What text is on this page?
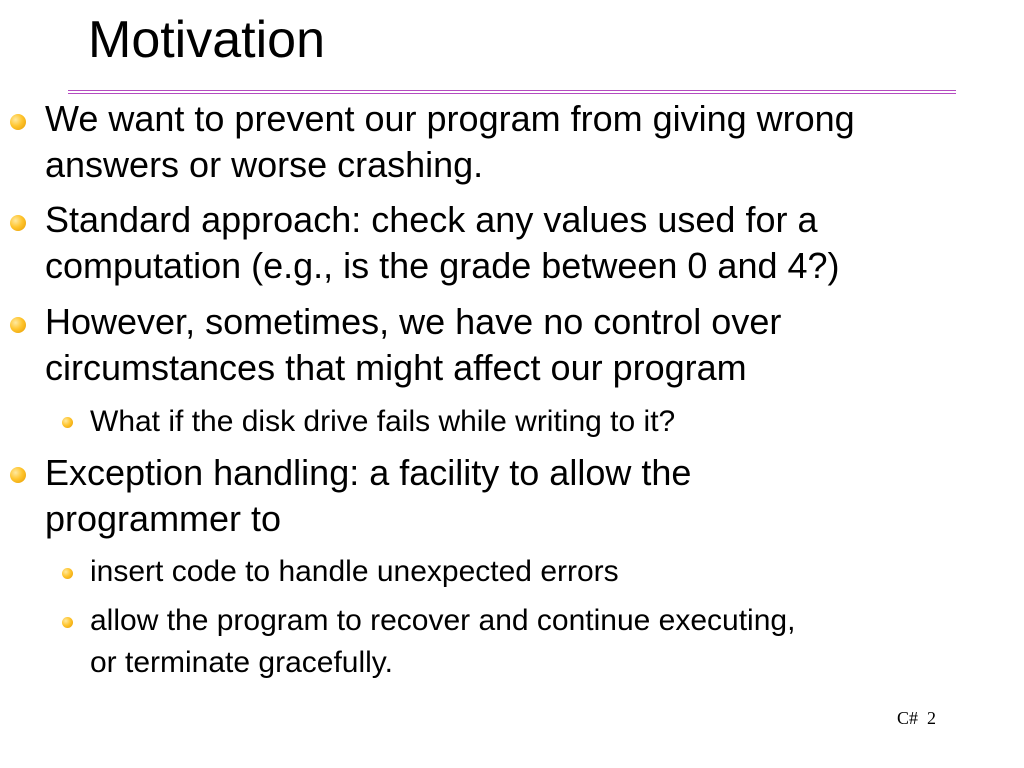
Motivation
We want to prevent our program from giving wrong
answers or worse crashing.
Standard approach: check any values used for a
computation (e.g., is the grade between 0 and 4?)
However, sometimes, we have no control over
circumstances that might affect our program
What if the disk drive fails while writing to it?
Exception handling: a facility to allow the
programmer to
insert code to handle unexpected errors
allow the program to recover and continue executing,
or terminate gracefully.
C#  2
